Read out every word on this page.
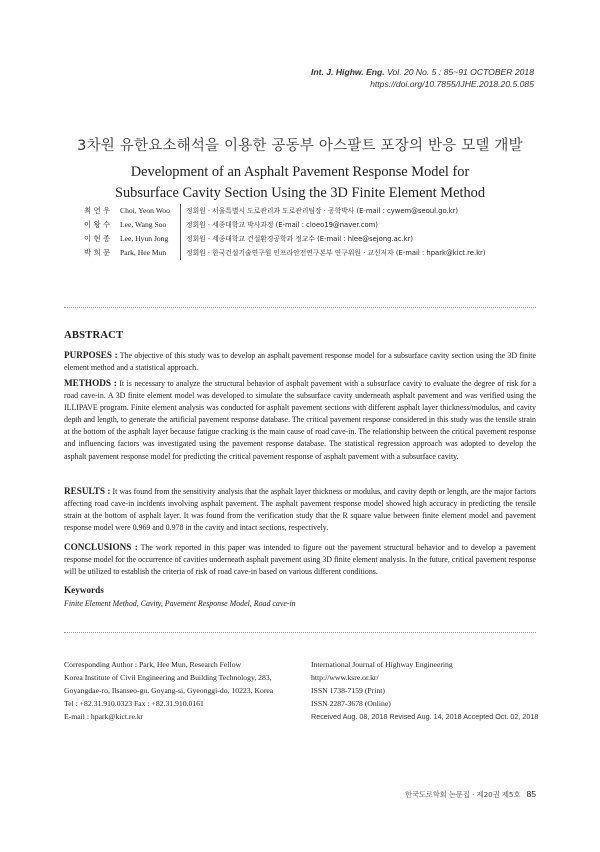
Int. J. Highw. Eng. Vol. 20 No. 5 : 85~91 OCTOBER 2018
https://doi.org/10.7855/IJHE.2018.20.5.085
3차원 유한요소해석을 이용한 공동부 아스팔트 포장의 반응 모델 개발
Development of an Asphalt Pavement Response Model for
Subsurface Cavity Section Using the 3D Finite Element Method
최 연 우 Choi, Yeon Woo 정회원 · 서울특별시 도로관리과 도로관리팀장 · 공학박사 (E-mail : cywem@seoul.go.kr)
이 왕 수 Lee, Wang Soo	정회원 · 세종대학교 박사과정 (E-mail : cloeo19@naver.com)
이 현 종 Lee, Hyun Jong	정회원 · 세종대학교 건설환경공학과 정교수 (E-mail : hlee@sejong.ac.kr)
박 희 문 Park, Hee Mun	정회원 · 한국건설기술연구원 인프라안전연구본부 연구위원 · 교신저자 (E-mail : hpark@kict.re.kr)
ABSTRACT
PURPOSES : The objective of this study was to develop an asphalt pavement response model for a subsurface cavity section using the 3D finite element method and a statistical approach.
METHODS : It is necessary to analyze the structural behavior of asphalt pavement with a subsurface cavity to evaluate the degree of risk for a road cave-in. A 3D finite element model was developed to simulate the subsurface cavity underneath asphalt pavement and was verified using the ILLIPAVE program. Finite element analysis was conducted for asphalt pavement sections with different asphalt layer thickness/modulus, and cavity depth and length, to generate the artificial pavement response database. The critical pavement response considered in this study was the tensile strain at the bottom of the asphalt layer because fatigue cracking is the main cause of road cave-in. The relationship between the critical pavement response and influencing factors was investigated using the pavement response database. The statistical regression approach was adopted to develop the asphalt pavement response model for predicting the critical pavement response of asphalt pavement with a subsurface cavity.
RESULTS : It was found from the sensitivity analysis that the asphalt layer thickness or modulus, and cavity depth or length, are the major factors affecting road cave-in incidents involving asphalt pavement. The asphalt pavement response model showed high accuracy in predicting the tensile strain at the bottom of asphalt layer. It was found from the verification study that the R square value between finite element model and pavement response model were 0.969 and 0.978 in the cavity and intact sections, respectively.
CONCLUSIONS : The work reported in this paper was intended to figure out the pavement structural behavior and to develop a pavement response model for the occurrence of cavities underneath asphalt pavement using 3D finite element analysis. In the future, critical pavement response will be utilized to establish the criteria of risk of road cave-in based on various different conditions.
Keywords
Finite Element Method, Cavity, Pavement Response Model, Road cave-in
Corresponding Author : Park, Hee Mun, Research Fellow
Korea Institute of Civil Engineering and Building Technology, 283,
Goyangdae-ro, Ilsanseo-gu, Goyang-si, Gyeonggi-do, 10223, Korea
Tel : +82.31.910.0323 Fax : +82.31.910.0161
E-mail : hpark@kict.re.kr
International Journal of Highway Engineering
http://www.ksre.or.kr/
ISSN 1738-7159 (Print)
ISSN 2287-3678 (Online)
Received Aug. 08, 2018 Revised Aug. 14, 2018 Accepted Oct. 02, 2018
한국도로학회 논문집 · 제20권 제5호 85
